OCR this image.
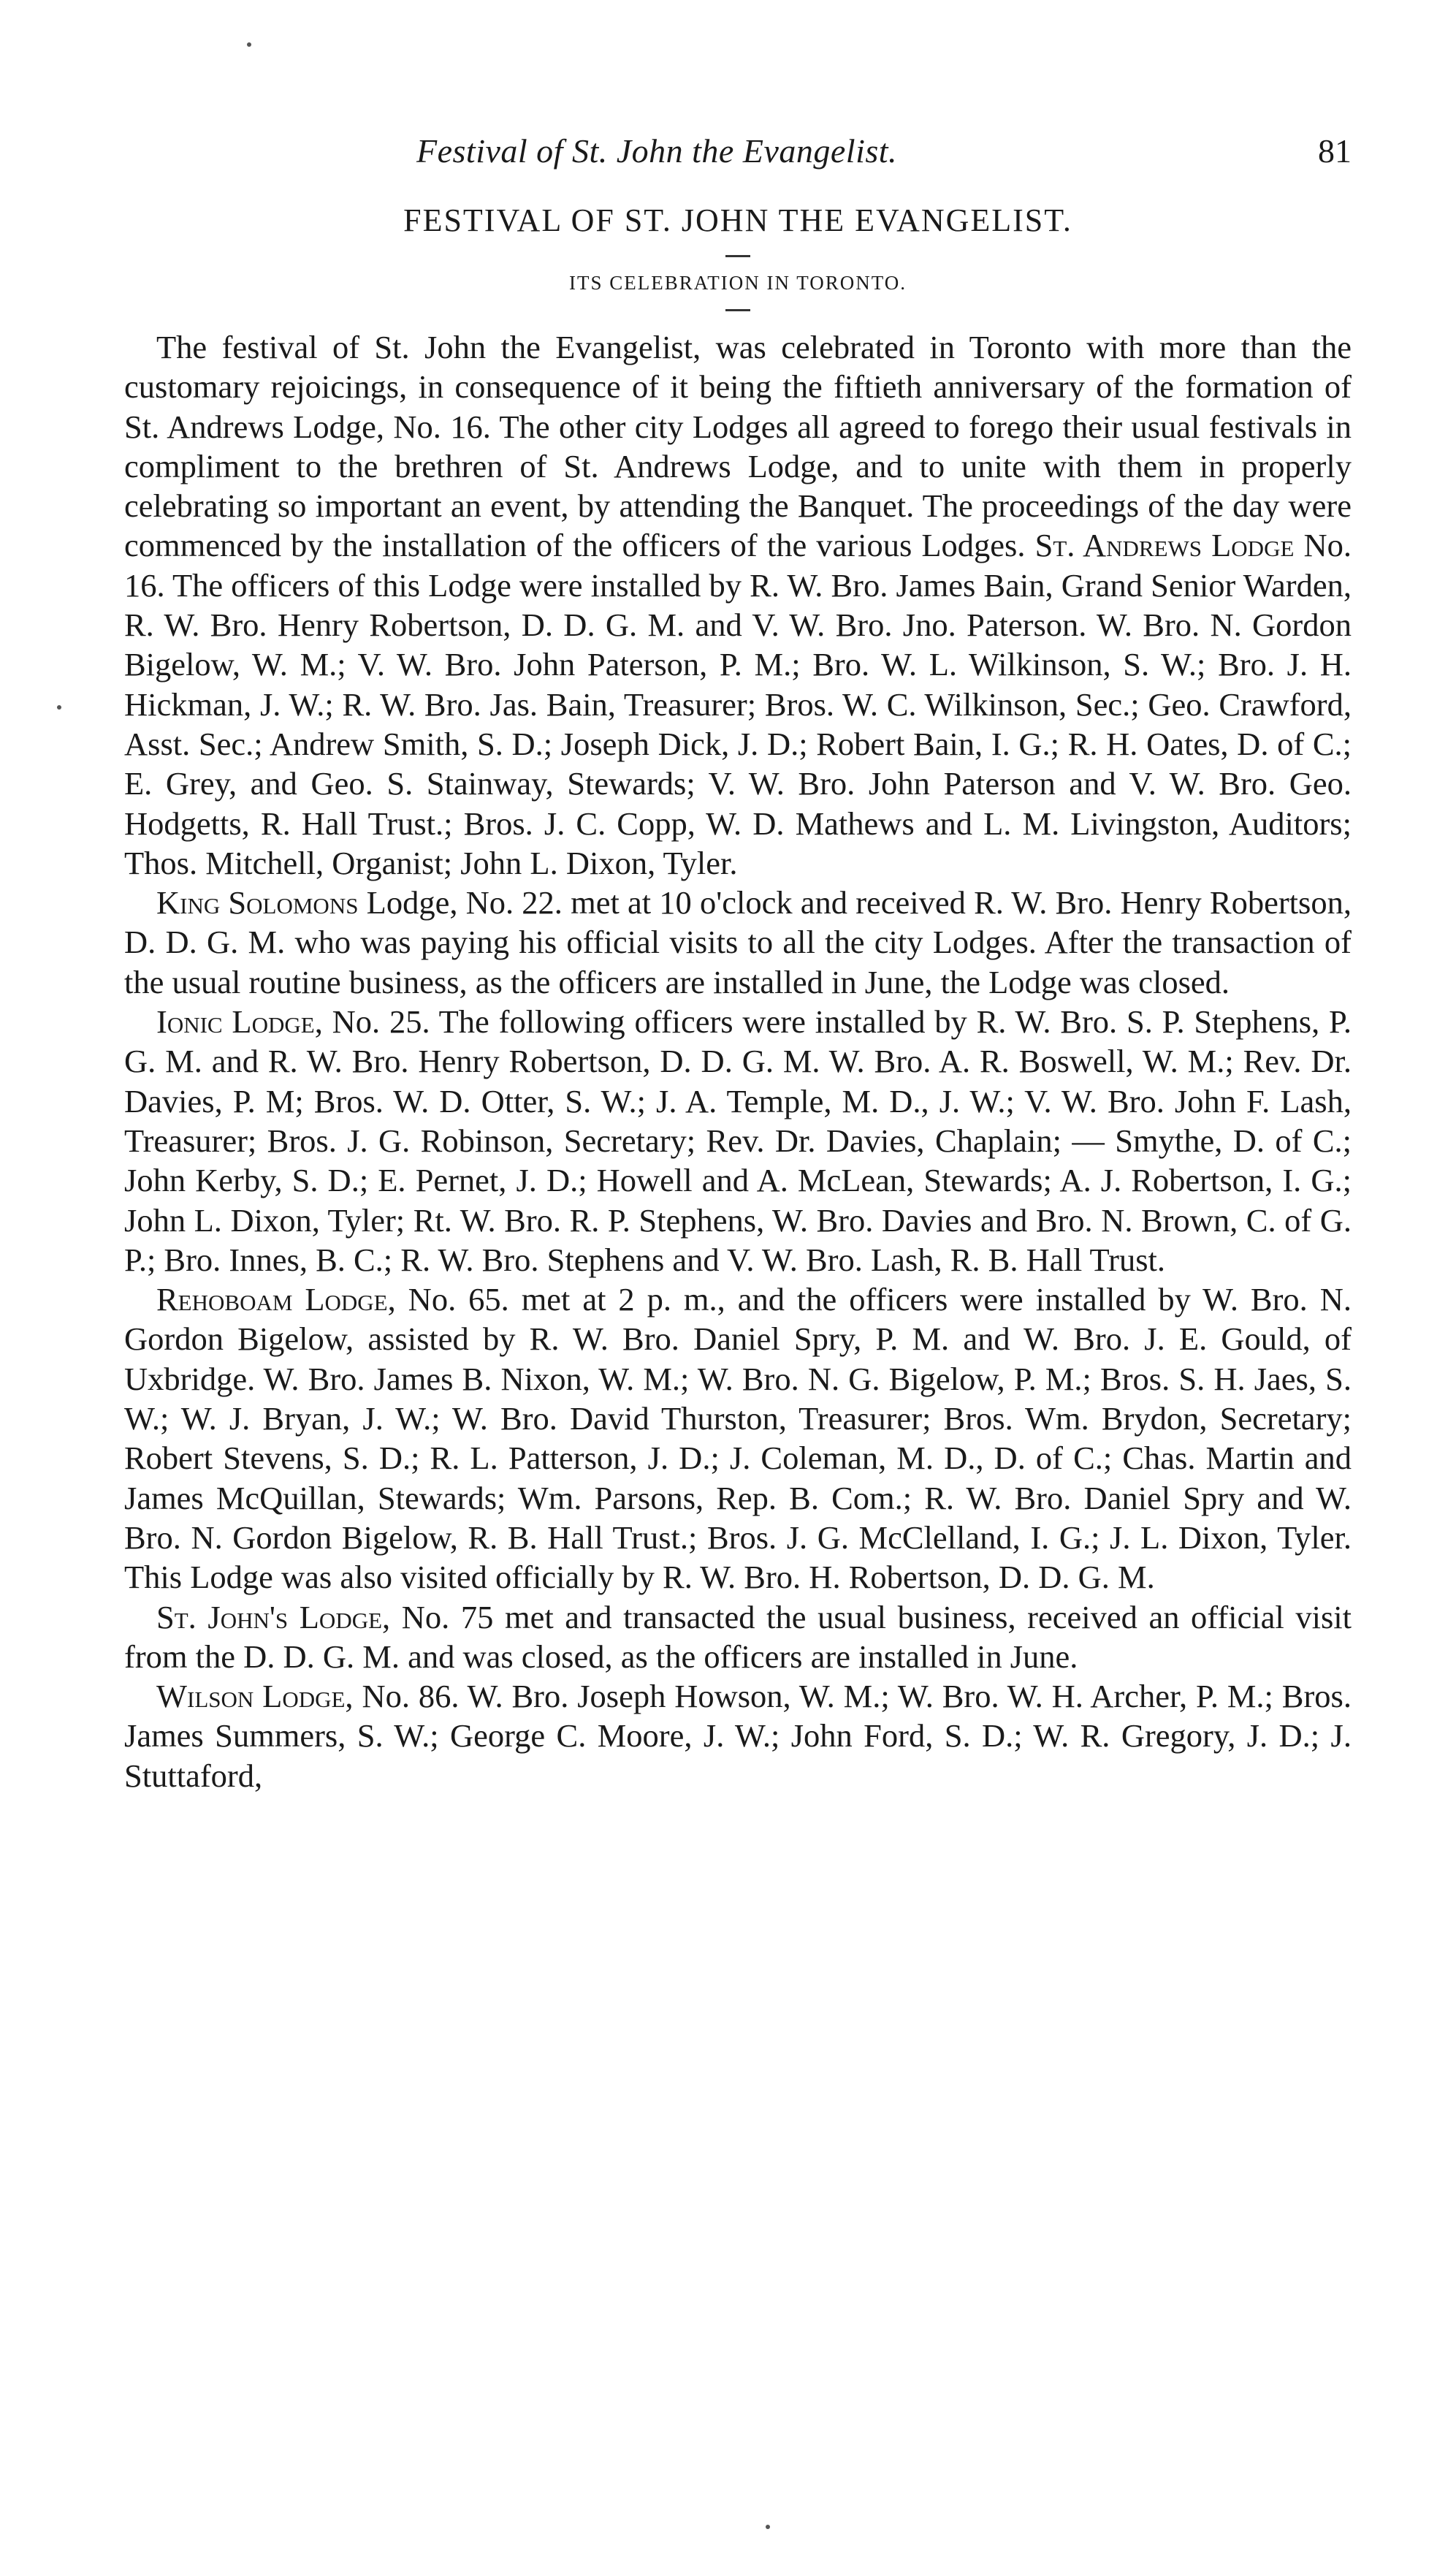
Festival of St. John the Evangelist.	81
FESTIVAL OF ST. JOHN THE EVANGELIST.
ITS CELEBRATION IN TORONTO.

The festival of St. John the Evangelist, was celebrated in Toronto with more than the customary rejoicings, in consequence of it being the fiftieth anniversary of the formation of St. Andrews Lodge, No. 16. The other city Lodges all agreed to forego their usual festivals in compliment to the brethren of St. Andrews Lodge, and to unite with them in properly celebrating so important an event, by attending the Banquet. The proceedings of the day were commenced by the installation of the officers of the various Lodges. St. Andrews Lodge No. 16. The officers of this Lodge were installed by R. W. Bro. James Bain, Grand Senior Warden, R. W. Bro. Henry Robertson, D. D. G. M. and V. W. Bro. Jno. Paterson. W. Bro. N. Gordon Bigelow, W. M.; V. W. Bro. John Paterson, P. M.; Bro. W. L. Wilkinson, S. W.; Bro. J. H. Hickman, J. W.; R. W. Bro. Jas. Bain, Treasurer; Bros. W. C. Wilkinson, Sec.; Geo. Crawford, Asst. Sec.; Andrew Smith, S. D.; Joseph Dick, J. D.; Robert Bain, I. G.; R. H. Oates, D. of C.; E. Grey, and Geo. S. Stainway, Stewards; V. W. Bro. John Paterson and V. W. Bro. Geo. Hodgetts, R. Hall Trust.; Bros. J. C. Copp, W. D. Mathews and L. M. Livingston, Auditors; Thos. Mitchell, Organist; John L. Dixon, Tyler.

King Solomons Lodge, No. 22. met at 10 o'clock and received R. W. Bro. Henry Robertson, D. D. G. M. who was paying his official visits to all the city Lodges. After the transaction of the usual routine business, as the officers are installed in June, the Lodge was closed.

Ionic Lodge, No. 25. The following officers were installed by R. W. Bro. S. P. Stephens, P. G. M. and R. W. Bro. Henry Robertson, D. D. G. M. W. Bro. A. R. Boswell, W. M.; Rev. Dr. Davies, P. M; Bros. W. D. Otter, S. W.; J. A. Temple, M. D., J. W.; V. W. Bro. John F. Lash, Treasurer; Bros. J. G. Robinson, Secretary; Rev. Dr. Davies, Chaplain; — Smythe, D. of C.; John Kerby, S. D.; E. Pernet, J. D.; Howell and A. McLean, Stewards; A. J. Robertson, I. G.; John L. Dixon, Tyler; Rt. W. Bro. R. P. Stephens, W. Bro. Davies and Bro. N. Brown, C. of G. P.; Bro. Innes, B. C.; R. W. Bro. Stephens and V. W. Bro. Lash, R. B. Hall Trust.

Rehoboam Lodge, No. 65. met at 2 p. m., and the officers were installed by W. Bro. N. Gordon Bigelow, assisted by R. W. Bro. Daniel Spry, P. M. and W. Bro. J. E. Gould, of Uxbridge. W. Bro. James B. Nixon, W. M.; W. Bro. N. G. Bigelow, P. M.; Bros. S. H. Jaes, S. W.; W. J. Bryan, J. W.; W. Bro. David Thurston, Treasurer; Bros. Wm. Brydon, Secretary; Robert Stevens, S. D.; R. L. Patterson, J. D.; J. Coleman, M. D., D. of C.; Chas. Martin and James McQuillan, Stewards; Wm. Parsons, Rep. B. Com.; R. W. Bro. Daniel Spry and W. Bro. N. Gordon Bigelow, R. B. Hall Trust.; Bros. J. G. McClelland, I. G.; J. L. Dixon, Tyler. This Lodge was also visited officially by R. W. Bro. H. Robertson, D. D. G. M.

St. John's Lodge, No. 75 met and transacted the usual business, received an official visit from the D. D. G. M. and was closed, as the officers are installed in June.

Wilson Lodge, No. 86. W. Bro. Joseph Howson, W. M.; W. Bro. W. H. Archer, P. M.; Bros. James Summers, S. W.; George C. Moore, J. W.; John Ford, S. D.; W. R. Gregory, J. D.; J. Stuttaford,
